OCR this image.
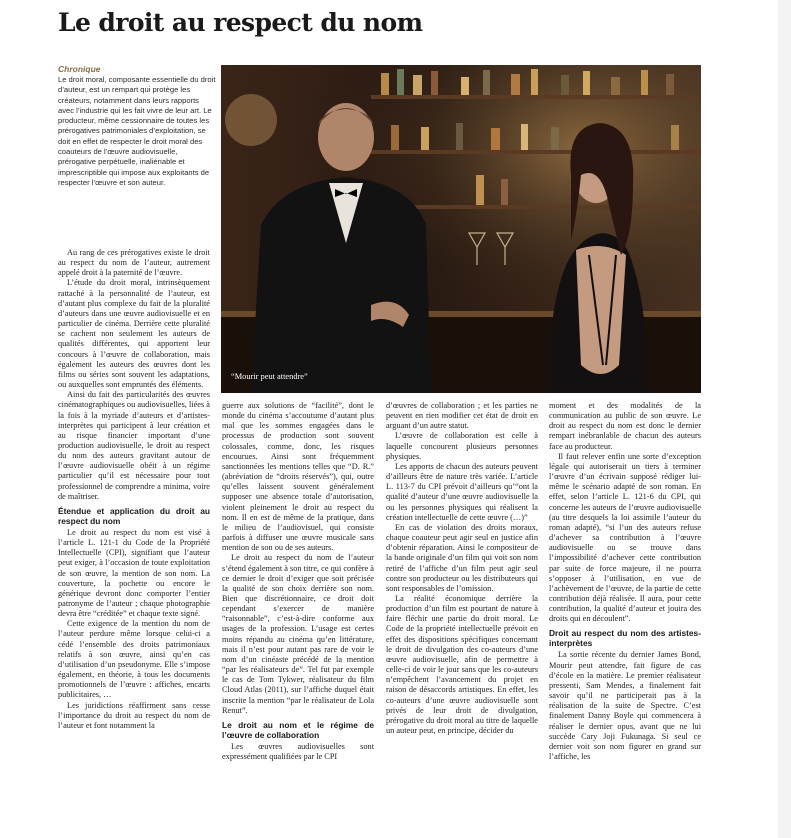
Le droit au respect du nom
Chronique
Le droit moral, composante essentielle du droit d’auteur, est un rempart qui protège les créateurs, notamment dans leurs rapports avec l’industrie qui les fait vivre de leur art. Le producteur, même cessionnaire de toutes les prérogatives patrimoniales d’exploitation, se doit en effet de respecter le droit moral des coauteurs de l’œuvre audiovisuelle, prérogative perpétuelle, inaliénable et imprescriptible qui impose aux exploitants de respecter l’œuvre et son auteur.
“Mourir peut attendre”

Au rang de ces prérogatives existe le droit au respect du nom de l’auteur, autrement appelé droit à la paternité de l’œuvre.

L’étude du droit moral, intrinsèquement rattaché à la personnalité de l’auteur, est d’autant plus complexe du fait de la pluralité d’auteurs dans une œuvre audiovisuelle et en particulier de cinéma. Derrière cette pluralité se cachent non seulement les auteurs de qualités différentes, qui apportent leur concours à l’œuvre de collaboration, mais également les auteurs des œuvres dont les films ou séries sont souvent les adaptations, ou auxquelles sont empruntés des éléments.

Ainsi du fait des particularités des œuvres cinématographiques ou audiovisuelles, liées à la fois à la myriade d’auteurs et d’artistes-interprètes qui participent à leur création et au risque financier important d’une production audiovisuelle, le droit au respect du nom des auteurs gravitant autour de l’œuvre audiovisuelle obéit à un régime particulier qu’il est nécessaire pour tout professionnel de comprendre a minima, voire de maîtriser.

Étendue et application du droit au respect du nom

Le droit au respect du nom est visé à l’article L. 121-1 du Code de la Propriété Intellectuelle (CPI), signifiant que l’auteur peut exiger, à l’occasion de toute exploitation de son œuvre, la mention de son nom. La couverture, la pochette ou encore le générique devront donc comporter l’entier patronyme de l’auteur ; chaque photographie devra être “créditée” et chaque texte signé.

Cette exigence de la mention du nom de l’auteur perdure même lorsque celui-ci a cédé l’ensemble des droits patrimoniaux relatifs à son œuvre, ainsi qu’en cas d’utilisation d’un pseudonyme. Elle s’impose également, en théorie, à tous les documents promotionnels de l’œuvre : affiches, encarts publicitaires, …

Les juridictions réaffirment sans cesse l’importance du droit au respect du nom de l’auteur et font notamment la

guerre aux solutions de “facilité”, dont le monde du cinéma s’accoutume d’autant plus mal que les sommes engagées dans le processus de production sont souvent colossales, comme, donc, les risques encourues. Ainsi sont fréquemment sanctionnées les mentions telles que “D. R.” (abréviation de “droits réservés”), qui, outre qu’elles laissent souvent généralement supposer une absence totale d’autorisation, violent pleinement le droit au respect du nom. Il en est de même de la pratique, dans le milieu de l’audiovisuel, qui consiste parfois à diffuser une œuvre musicale sans mention de son ou de ses auteurs.

Le droit au respect du nom de l’auteur s’étend également à son titre, ce qui confère à ce dernier le droit d’exiger que soit précisée la qualité de son choix derrière son nom. Bien que discrétionnaire, ce droit doit cependant s’exercer de manière “raisonnable”, c’est-à-dire conforme aux usages de la profession. L’usage est certes moins répandu au cinéma qu’en littérature, mais il n’est pour autant pas rare de voir le nom d’un cinéaste précédé de la mention “par les réalisateurs de”. Tel fut par exemple le cas de Tom Tykwer, réalisateur du film Cloud Atlas (2011), sur l’affiche duquel était inscrite la mention “par le réalisateur de Lola Renut”.

Le droit au nom et le régime de l’œuvre de collaboration

Les œuvres audiovisuelles sont expressément qualifiées par le CPI

d’œuvres de collaboration ; et les parties ne peuvent en rien modifier cet état de droit en arguant d’un autre statut.

L’œuvre de collaboration est celle à laquelle concourent plusieurs personnes physiques.

Les apports de chacun des auteurs peuvent d’ailleurs être de nature très variée. L’article L. 113-7 du CPI prévoit d’ailleurs qu’“ont la qualité d’auteur d’une œuvre audiovisuelle la ou les personnes physiques qui réalisent la création intellectuelle de cette œuvre (…)”

En cas de violation des droits moraux, chaque coauteur peut agir seul en justice afin d’obtenir réparation. Ainsi le compositeur de la bande originale d’un film qui voit son nom retiré de l’affiche d’un film peut agir seul contre son producteur ou les distributeurs qui sont responsables de l’omission.

La réalité économique derrière la production d’un film est pourtant de nature à faire fléchir une partie du droit moral. Le Code de la propriété intellectuelle prévoit en effet des dispositions spécifiques concernant le droit de divulgation des co-auteurs d’une œuvre audiovisuelle, afin de permettre à celle-ci de voir le jour sans que les co-auteurs n’empêchent l’avancement du projet en raison de désaccords artistiques. En effet, les co-auteurs d’une œuvre audiovisuelle sont privés de leur droit de divulgation, prérogative du droit moral au titre de laquelle un auteur peut, en principe, décider du

moment et des modalités de la communication au public de son œuvre. Le droit au respect du nom est donc le dernier rempart inébranlable de chacun des auteurs face au producteur.

Il faut relever enfin une sorte d’exception légale qui autoriserait un tiers à terminer l’œuvre d’un écrivain supposé rédiger lui-même le scénario adapté de son roman. En effet, selon l’article L. 121-6 du CPI, qui concerne les auteurs de l’œuvre audiovisuelle (au titre desquels la loi assimile l’auteur du roman adapté), “si l’un des auteurs refuse d’achever sa contribution à l’œuvre audiovisuelle ou se trouve dans l’impossibilité d’achever cette contribution par suite de force majeure, il ne pourra s’opposer à l’utilisation, en vue de l’achèvement de l’œuvre, de la partie de cette contribution déjà réalisée. Il aura, pour cette contribution, la qualité d’auteur et jouira des droits qui en découlent”.

Droit au respect du nom des artistes-interprètes

La sortie récente du dernier James Bond, Mourir peut attendre, fait figure de cas d’école en la matière. Le premier réalisateur pressenti, Sam Mendes, a finalement fait savoir qu’il ne participerait pas à la réalisation de la suite de Spectre. C’est finalement Danny Boyle qui commencera à réaliser le dernier opus, avant que ne lui succède Cary Joji Fukunaga. Si seul ce dernier voit son nom figurer en grand sur l’affiche, les
